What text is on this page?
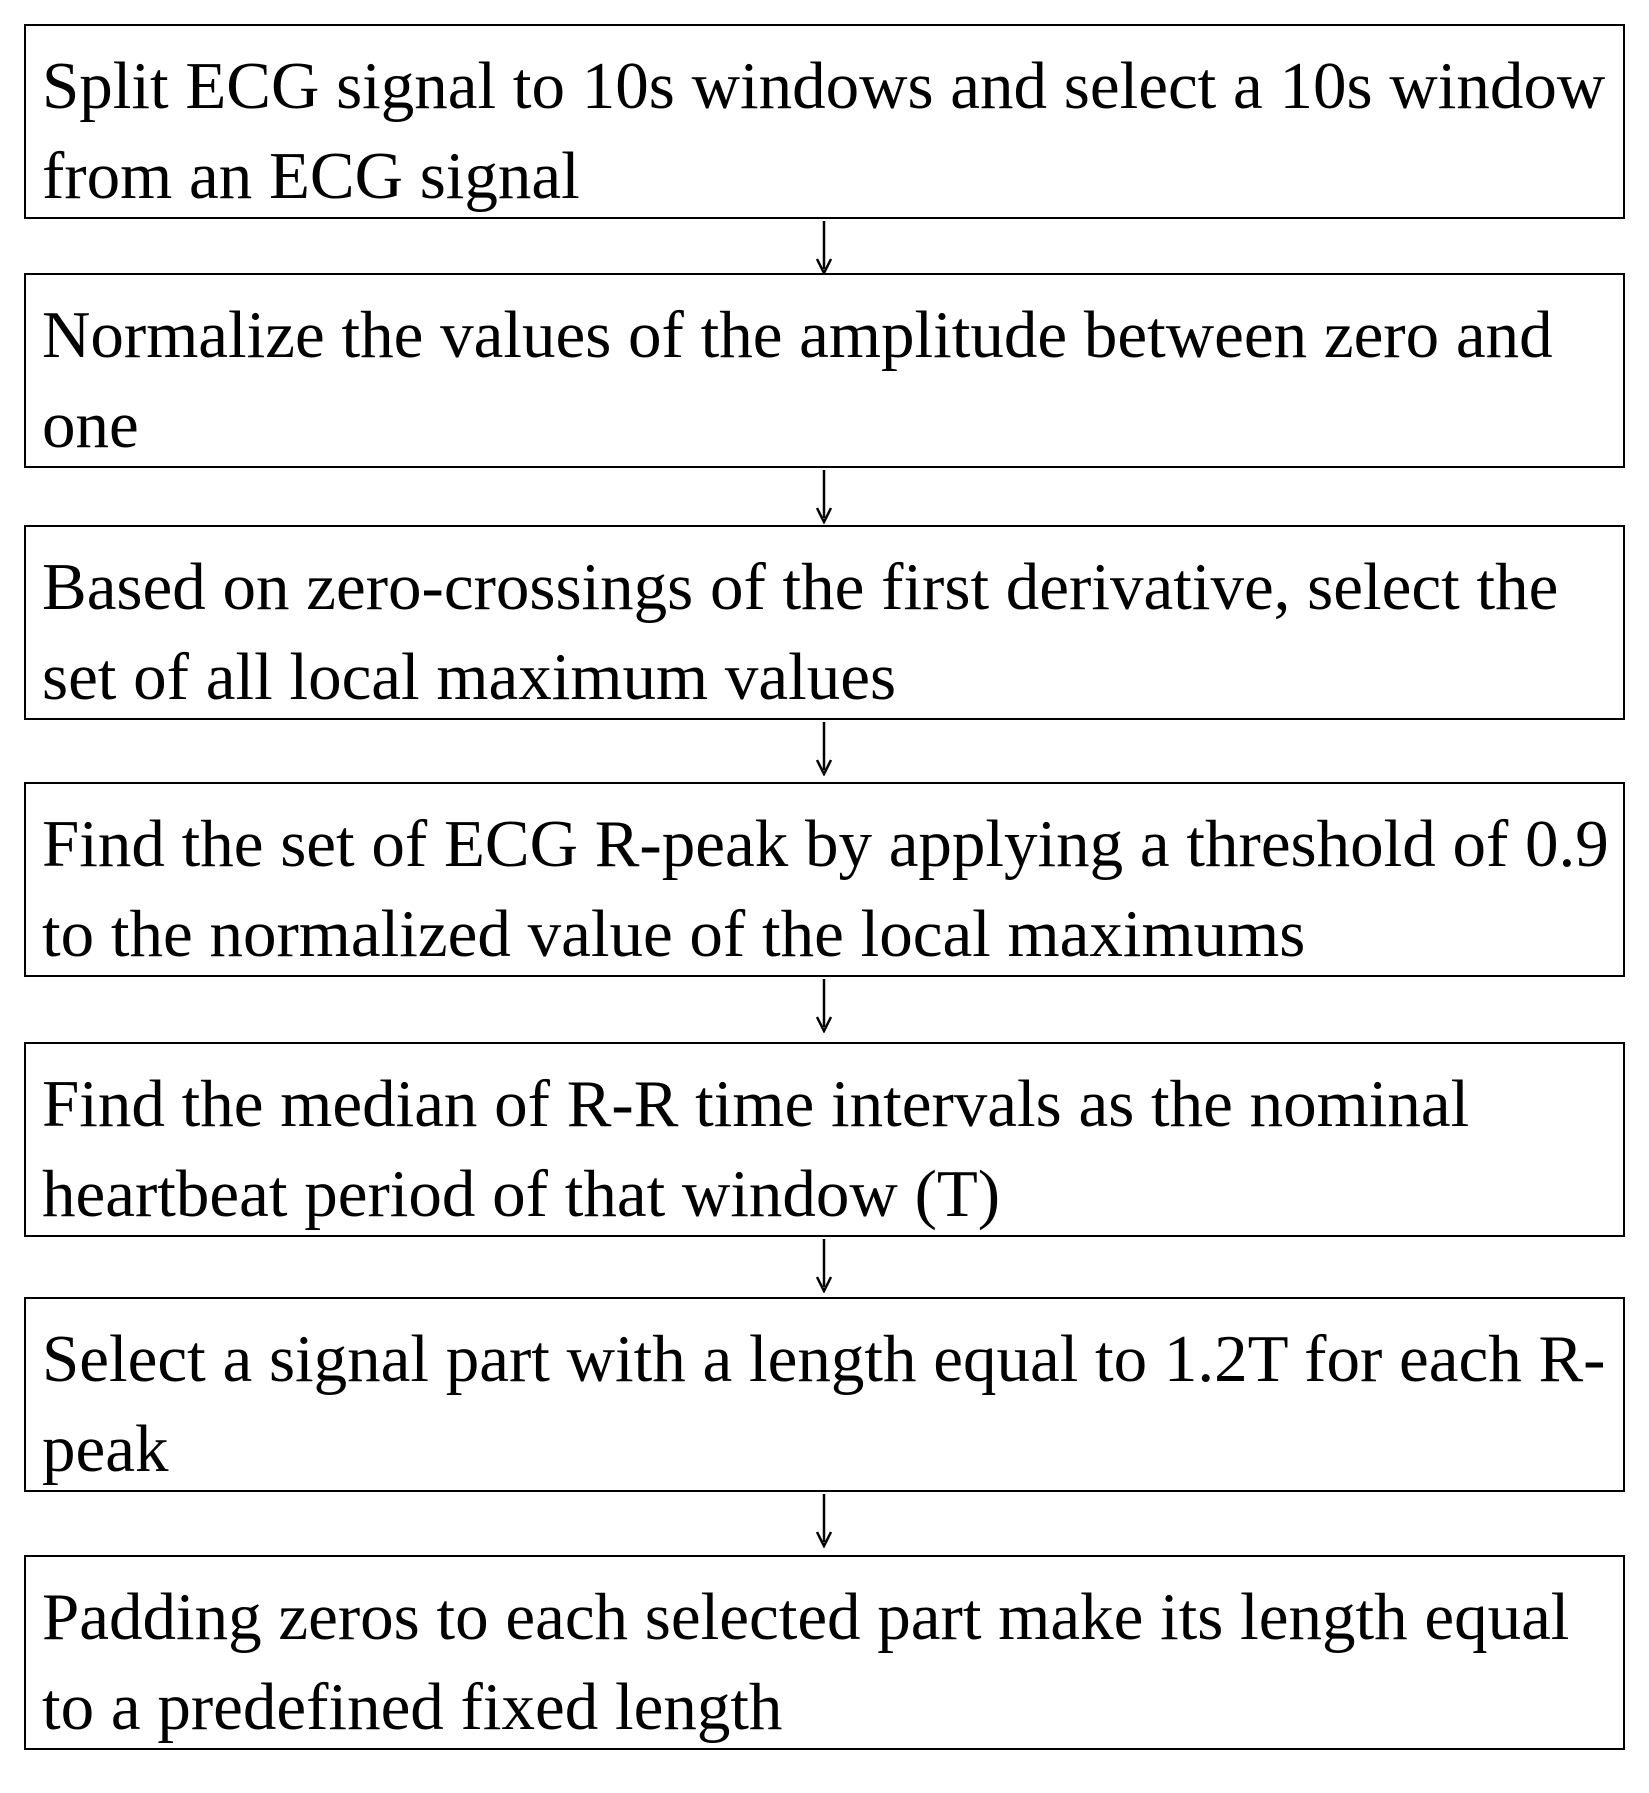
Split ECG signal to 10s windows and select a 10s window from an ECG signal

Normalize the values of the amplitude between zero and one

Based on zero-crossings of the first derivative, select the set of all local maximum values

Find the set of ECG R-peak by applying a threshold of 0.9 to the normalized value of the local maximums

Find the median of R-R time intervals as the nominal heartbeat period of that window (T)

Select a signal part with a length equal to 1.2T for each R-peak

Padding zeros to each selected part make its length equal to a predefined fixed length
